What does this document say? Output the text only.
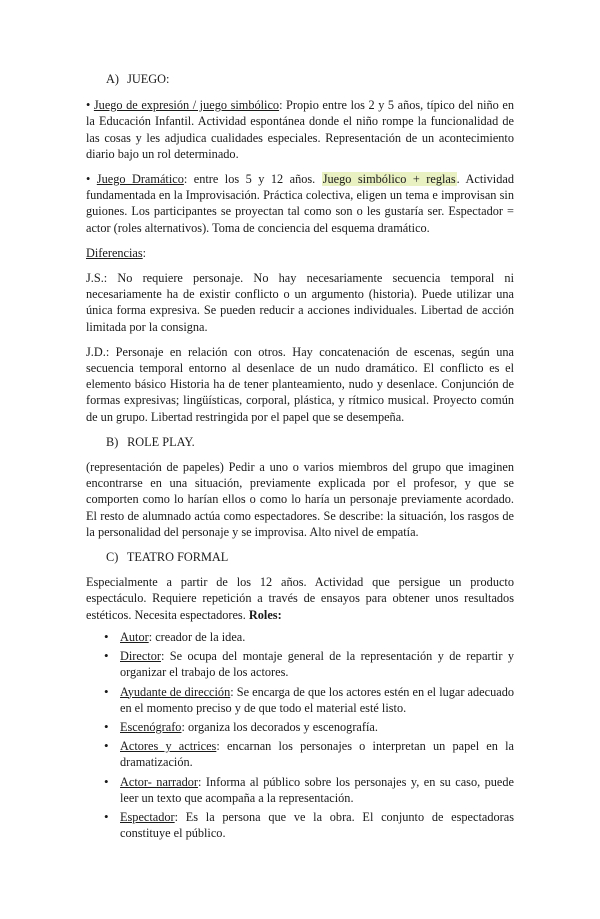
A) JUEGO:

• Juego de expresión / juego simbólico: Propio entre los 2 y 5 años, típico del niño en la Educación Infantil. Actividad espontánea donde el niño rompe la funcionalidad de las cosas y les adjudica cualidades especiales. Representación de un acontecimiento diario bajo un rol determinado.

• Juego Dramático: entre los 5 y 12 años. Juego simbólico + reglas. Actividad fundamentada en la Improvisación. Práctica colectiva, eligen un tema e improvisan sin guiones. Los participantes se proyectan tal como son o les gustaría ser. Espectador = actor (roles alternativos). Toma de conciencia del esquema dramático.

Diferencias:

J.S.: No requiere personaje. No hay necesariamente secuencia temporal ni necesariamente ha de existir conflicto o un argumento (historia). Puede utilizar una única forma expresiva. Se pueden reducir a acciones individuales. Libertad de acción limitada por la consigna.

J.D.: Personaje en relación con otros. Hay concatenación de escenas, según una secuencia temporal entorno al desenlace de un nudo dramático. El conflicto es el elemento básico Historia ha de tener planteamiento, nudo y desenlace. Conjunción de formas expresivas; lingüísticas, corporal, plástica, y rítmico musical. Proyecto común de un grupo. Libertad restringida por el papel que se desempeña.

B) ROLE PLAY.

(representación de papeles) Pedir a uno o varios miembros del grupo que imaginen encontrarse en una situación, previamente explicada por el profesor, y que se comporten como lo harían ellos o como lo haría un personaje previamente acordado. El resto de alumnado actúa como espectadores. Se describe: la situación, los rasgos de la personalidad del personaje y se improvisa. Alto nivel de empatía.

C) TEATRO FORMAL

Especialmente a partir de los 12 años. Actividad que persigue un producto espectáculo. Requiere repetición a través de ensayos para obtener unos resultados estéticos. Necesita espectadores. Roles:

• Autor: creador de la idea.
• Director: Se ocupa del montaje general de la representación y de repartir y organizar el trabajo de los actores.
• Ayudante de dirección: Se encarga de que los actores estén en el lugar adecuado en el momento preciso y de que todo el material esté listo.
• Escenógrafo: organiza los decorados y escenografía.
• Actores y actrices: encarnan los personajes o interpretan un papel en la dramatización.
• Actor- narrador: Informa al público sobre los personajes y, en su caso, puede leer un texto que acompaña a la representación.
• Espectador: Es la persona que ve la obra. El conjunto de espectadoras constituye el público.
